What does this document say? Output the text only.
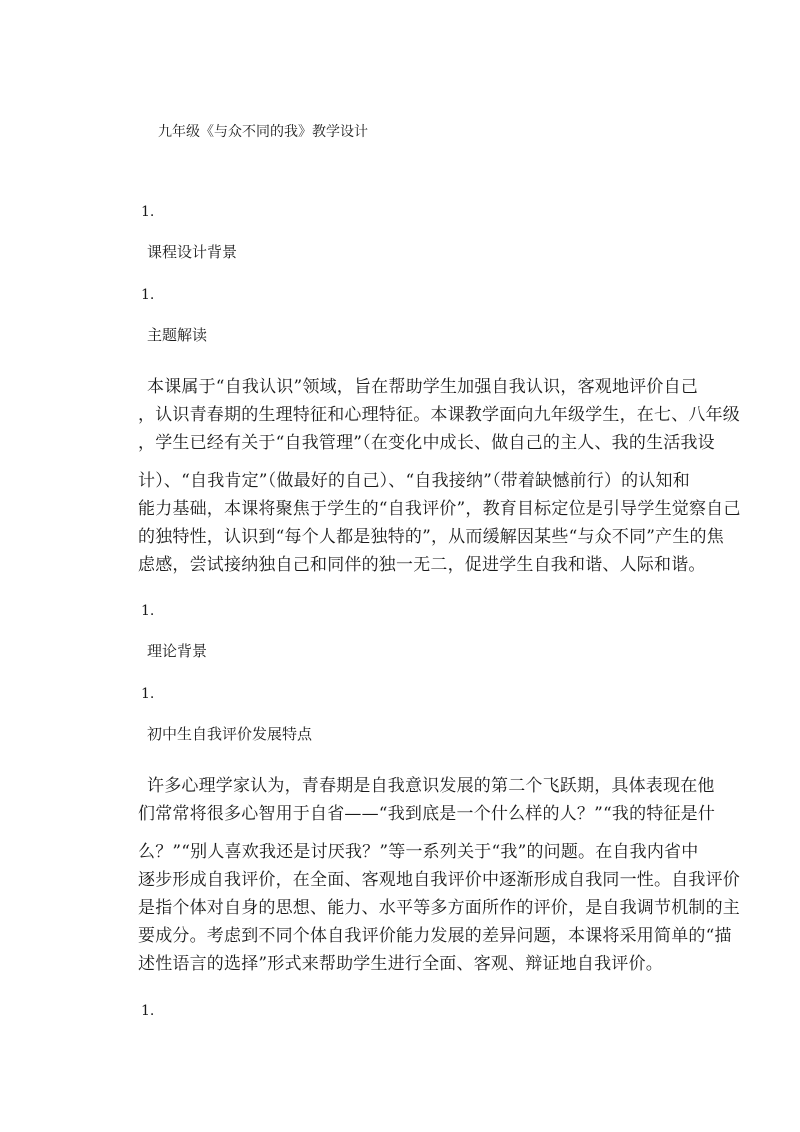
九年级《与众不同的我》教学设计
1.
课程设计背景
1.
主题解读
本课属于“自我认识”领域，旨在帮助学生加强自我认识，客观地评价自己
，认识青春期的生理特征和心理特征。本课教学面向九年级学生，在七、八年级
，学生已经有关于“自我管理”（在变化中成长、做自己的主人、我的生活我设
计）、“自我肯定”（做最好的自己）、“自我接纳”（带着缺憾前行）的认知和
能力基础，本课将聚焦于学生的“自我评价”，教育目标定位是引导学生觉察自己
的独特性，认识到“每个人都是独特的”，从而缓解因某些“与众不同”产生的焦
虑感，尝试接纳独自己和同伴的独一无二，促进学生自我和谐、人际和谐。
1.
理论背景
1.
初中生自我评价发展特点
许多心理学家认为，青春期是自我意识发展的第二个飞跃期，具体表现在他
们常常将很多心智用于自省——“我到底是一个什么样的人？”“我的特征是什
么？”“别人喜欢我还是讨厌我？”等一系列关于“我”的问题。在自我内省中
逐步形成自我评价，在全面、客观地自我评价中逐渐形成自我同一性。自我评价
是指个体对自身的思想、能力、水平等多方面所作的评价，是自我调节机制的主
要成分。考虑到不同个体自我评价能力发展的差异问题，本课将采用简单的“描
述性语言的选择”形式来帮助学生进行全面、客观、辩证地自我评价。
1.
